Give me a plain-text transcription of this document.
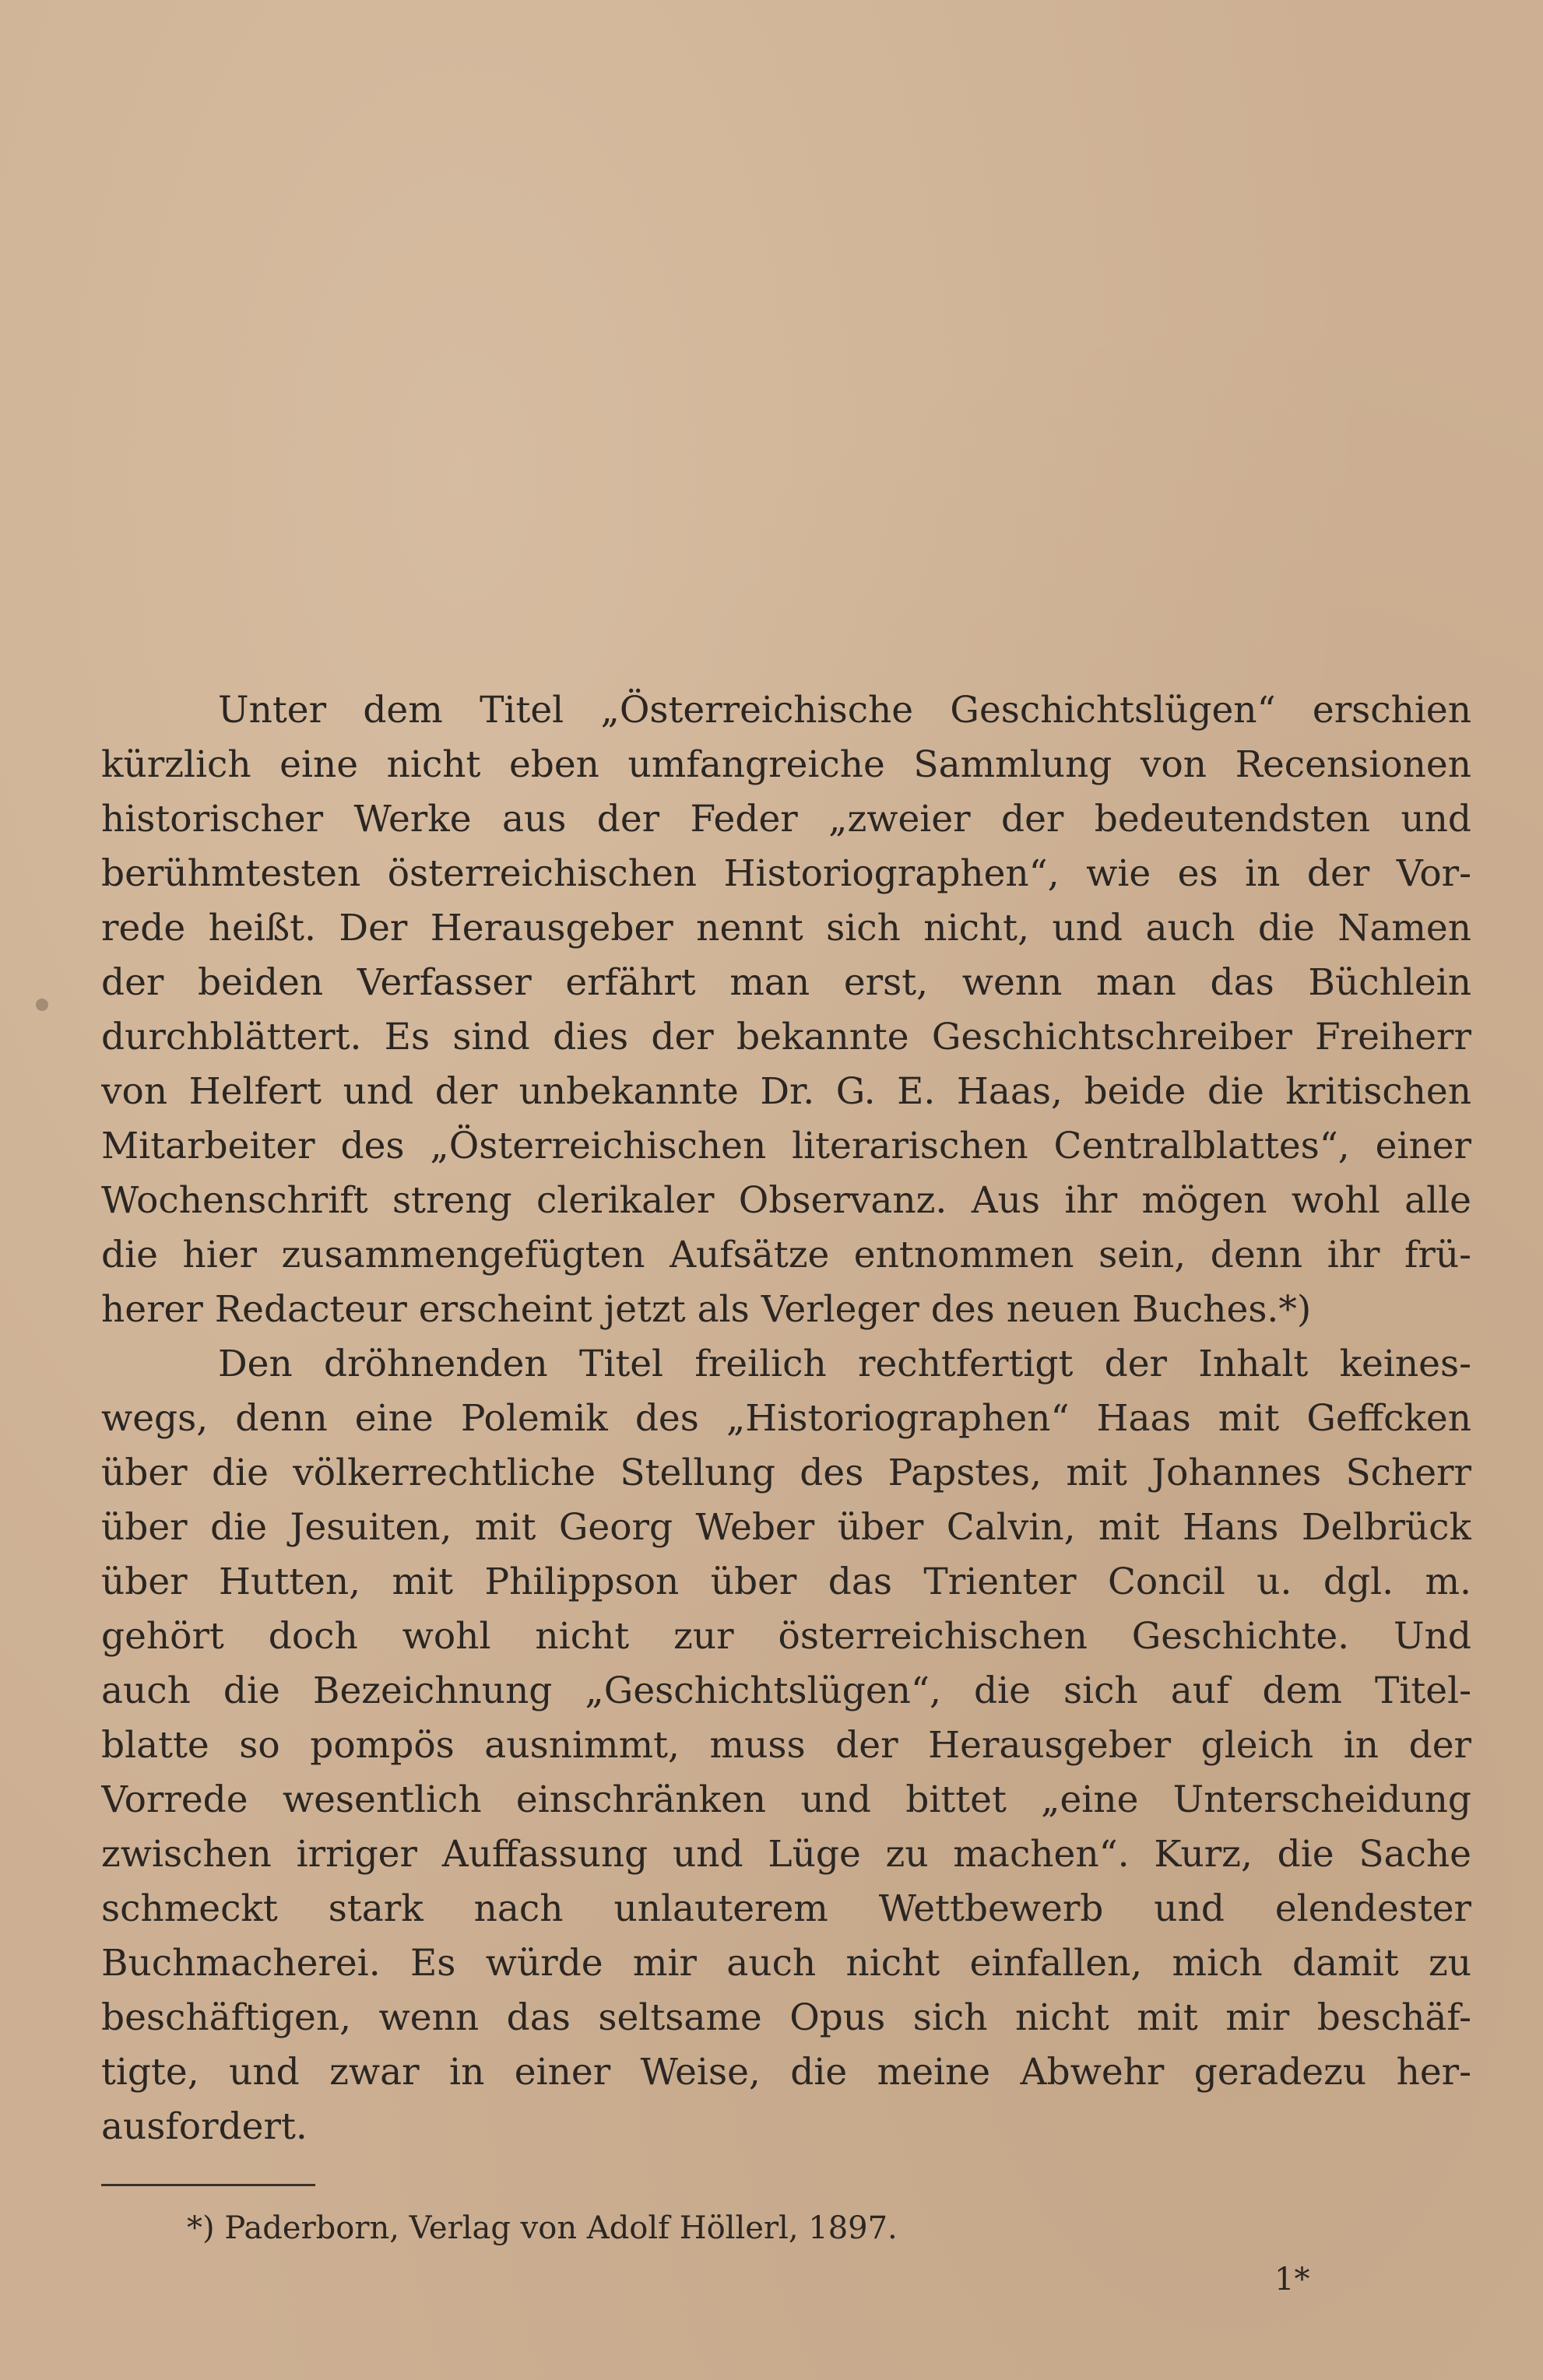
Unter dem Titel „Österreichische Geschichtslügen“ erschien
kürzlich eine nicht eben umfangreiche Sammlung von Recensionen
historischer Werke aus der Feder „zweier der bedeutendsten und
berühmtesten österreichischen Historiographen“, wie es in der Vor-
rede heißt. Der Herausgeber nennt sich nicht, und auch die Namen
der beiden Verfasser erfährt man erst, wenn man das Büchlein
durchblättert. Es sind dies der bekannte Geschichtschreiber Freiherr
von Helfert und der unbekannte Dr. G. E. Haas, beide die kritischen
Mitarbeiter des „Österreichischen literarischen Centralblattes“, einer
Wochenschrift streng clerikaler Observanz. Aus ihr mögen wohl alle
die hier zusammengefügten Aufsätze entnommen sein, denn ihr frü-
herer Redacteur erscheint jetzt als Verleger des neuen Buches.*)
Den dröhnenden Titel freilich rechtfertigt der Inhalt keines-
wegs, denn eine Polemik des „Historiographen“ Haas mit Geffcken
über die völkerrechtliche Stellung des Papstes, mit Johannes Scherr
über die Jesuiten, mit Georg Weber über Calvin, mit Hans Delbrück
über Hutten, mit Philippson über das Trienter Concil u. dgl. m.
gehört doch wohl nicht zur österreichischen Geschichte. Und
auch die Bezeichnung „Geschichtslügen“, die sich auf dem Titel-
blatte so pompös ausnimmt, muss der Herausgeber gleich in der
Vorrede wesentlich einschränken und bittet „eine Unterscheidung
zwischen irriger Auffassung und Lüge zu machen“. Kurz, die Sache
schmeckt stark nach unlauterem Wettbewerb und elendester
Buchmacherei. Es würde mir auch nicht einfallen, mich damit zu
beschäftigen, wenn das seltsame Opus sich nicht mit mir beschäf-
tigte, und zwar in einer Weise, die meine Abwehr geradezu her-
ausfordert.
*) Paderborn, Verlag von Adolf Höllerl, 1897.
1*
